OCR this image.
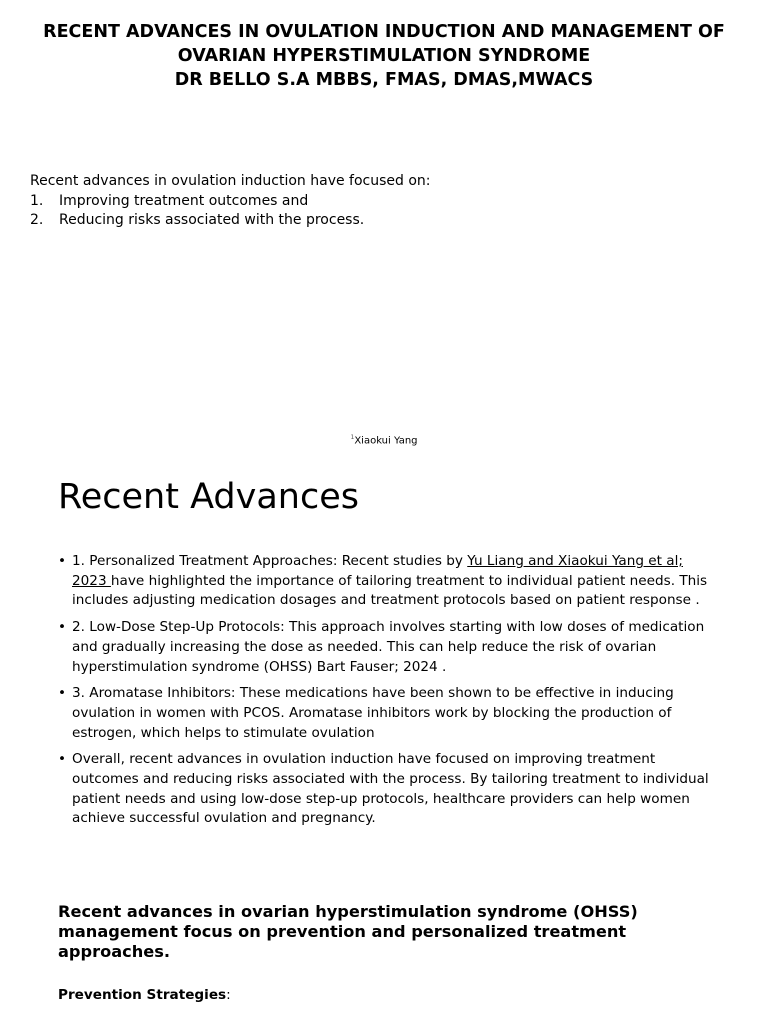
RECENT ADVANCES IN OVULATION INDUCTION AND MANAGEMENT OF
OVARIAN HYPERSTIMULATION SYNDROME
DR BELLO S.A MBBS, FMAS, DMAS,MWACS
Recent advances in ovulation induction have focused on:
1.	Improving treatment outcomes and
2.	Reducing risks associated with the process.
$^1$Xiaokui Yang
Recent Advances
• 1. Personalized Treatment Approaches: Recent studies by Yu Liang and Xiaokui Yang et al; 2023 have highlighted the importance of tailoring treatment to individual patient needs. This includes adjusting medication dosages and treatment protocols based on patient response .
• 2. Low-Dose Step-Up Protocols: This approach involves starting with low doses of medication and gradually increasing the dose as needed. This can help reduce the risk of ovarian hyperstimulation syndrome (OHSS) Bart Fauser; 2024 .
• 3. Aromatase Inhibitors: These medications have been shown to be effective in inducing ovulation in women with PCOS. Aromatase inhibitors work by blocking the production of estrogen, which helps to stimulate ovulation
• Overall, recent advances in ovulation induction have focused on improving treatment outcomes and reducing risks associated with the process. By tailoring treatment to individual patient needs and using low-dose step-up protocols, healthcare providers can help women achieve successful ovulation and pregnancy.
Recent advances in ovarian hyperstimulation syndrome (OHSS) management focus on prevention and personalized treatment approaches.
Prevention Strategies:
